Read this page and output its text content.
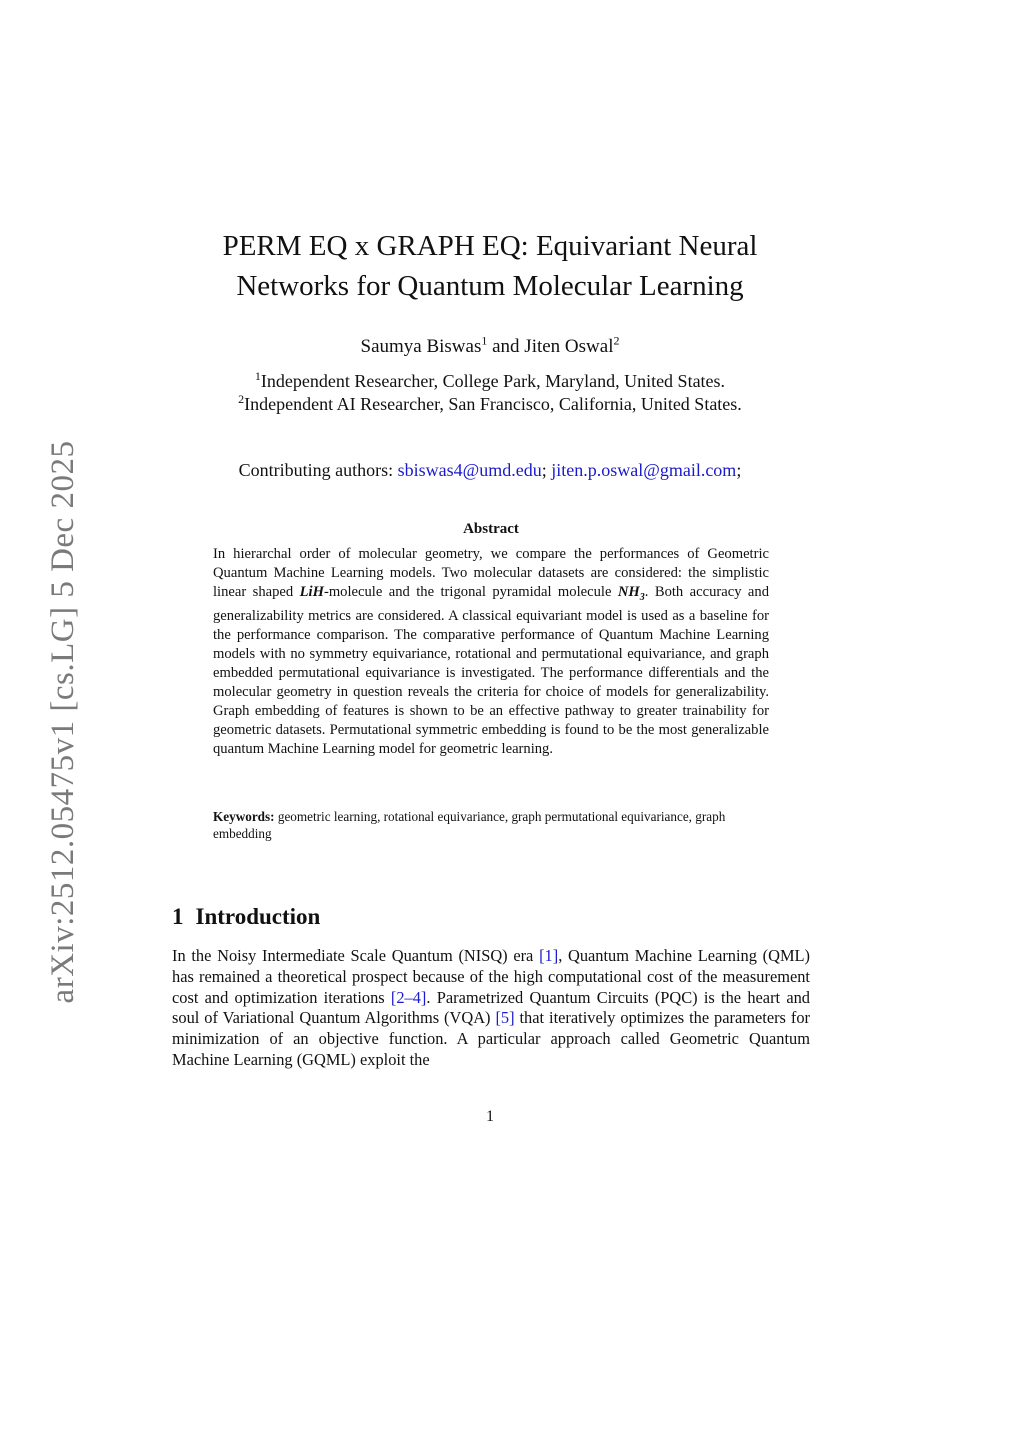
arXiv:2512.05475v1 [cs.LG] 5 Dec 2025
PERM EQ x GRAPH EQ: Equivariant Neural
Networks for Quantum Molecular Learning
Saumya Biswas$^1$ and Jiten Oswal$^2$
$^1$Independent Researcher, College Park, Maryland, United States.
$^2$Independent AI Researcher, San Francisco, California, United States.
Contributing authors: sbiswas4@umd.edu; jiten.p.oswal@gmail.com;
Abstract
In hierarchal order of molecular geometry, we compare the performances of Geometric Quantum Machine Learning models. Two molecular datasets are considered: the simplistic linear shaped LiH-molecule and the trigonal pyramidal molecule $NH_3$. Both accuracy and generalizability metrics are considered. A classical equivariant model is used as a baseline for the performance comparison. The comparative performance of Quantum Machine Learning models with no symmetry equivariance, rotational and permutational equivariance, and graph embedded permutational equivariance is investigated. The performance differentials and the molecular geometry in question reveals the criteria for choice of models for generalizability. Graph embedding of features is shown to be an effective pathway to greater trainability for geometric datasets. Permutational symmetric embedding is found to be the most generalizable quantum Machine Learning model for geometric learning.
Keywords: geometric learning, rotational equivariance, graph permutational equivariance, graph embedding
1 Introduction
In the Noisy Intermediate Scale Quantum (NISQ) era [1], Quantum Machine Learning (QML) has remained a theoretical prospect because of the high computational cost of the measurement cost and optimization iterations [2–4]. Parametrized Quantum Circuits (PQC) is the heart and soul of Variational Quantum Algorithms (VQA) [5] that iteratively optimizes the parameters for minimization of an objective function. A particular approach called Geometric Quantum Machine Learning (GQML) exploit the
1
